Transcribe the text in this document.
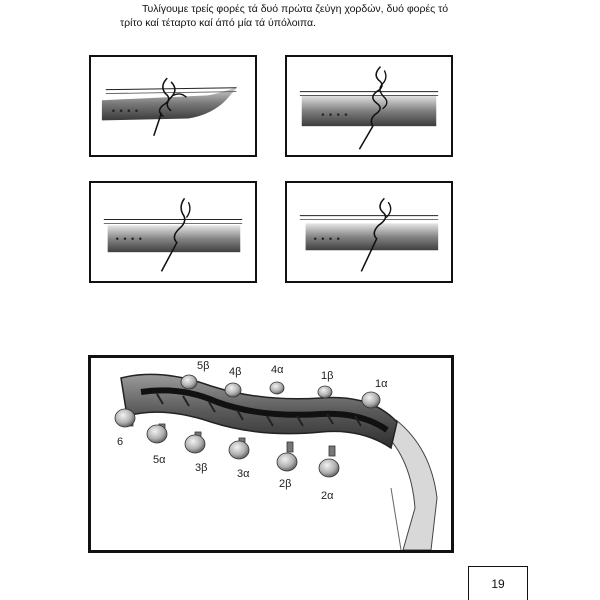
Τυλίγουμε τρείς φορές τά δυό πρώτα ζεύγη χορδών, δυό φορές τό
τρίτο καί τέταρτο καί άπό μία τά ύπόλοιπα.

5β 4β	4α	1β
1α
6
5α
3β	3α
2β
2α
19
